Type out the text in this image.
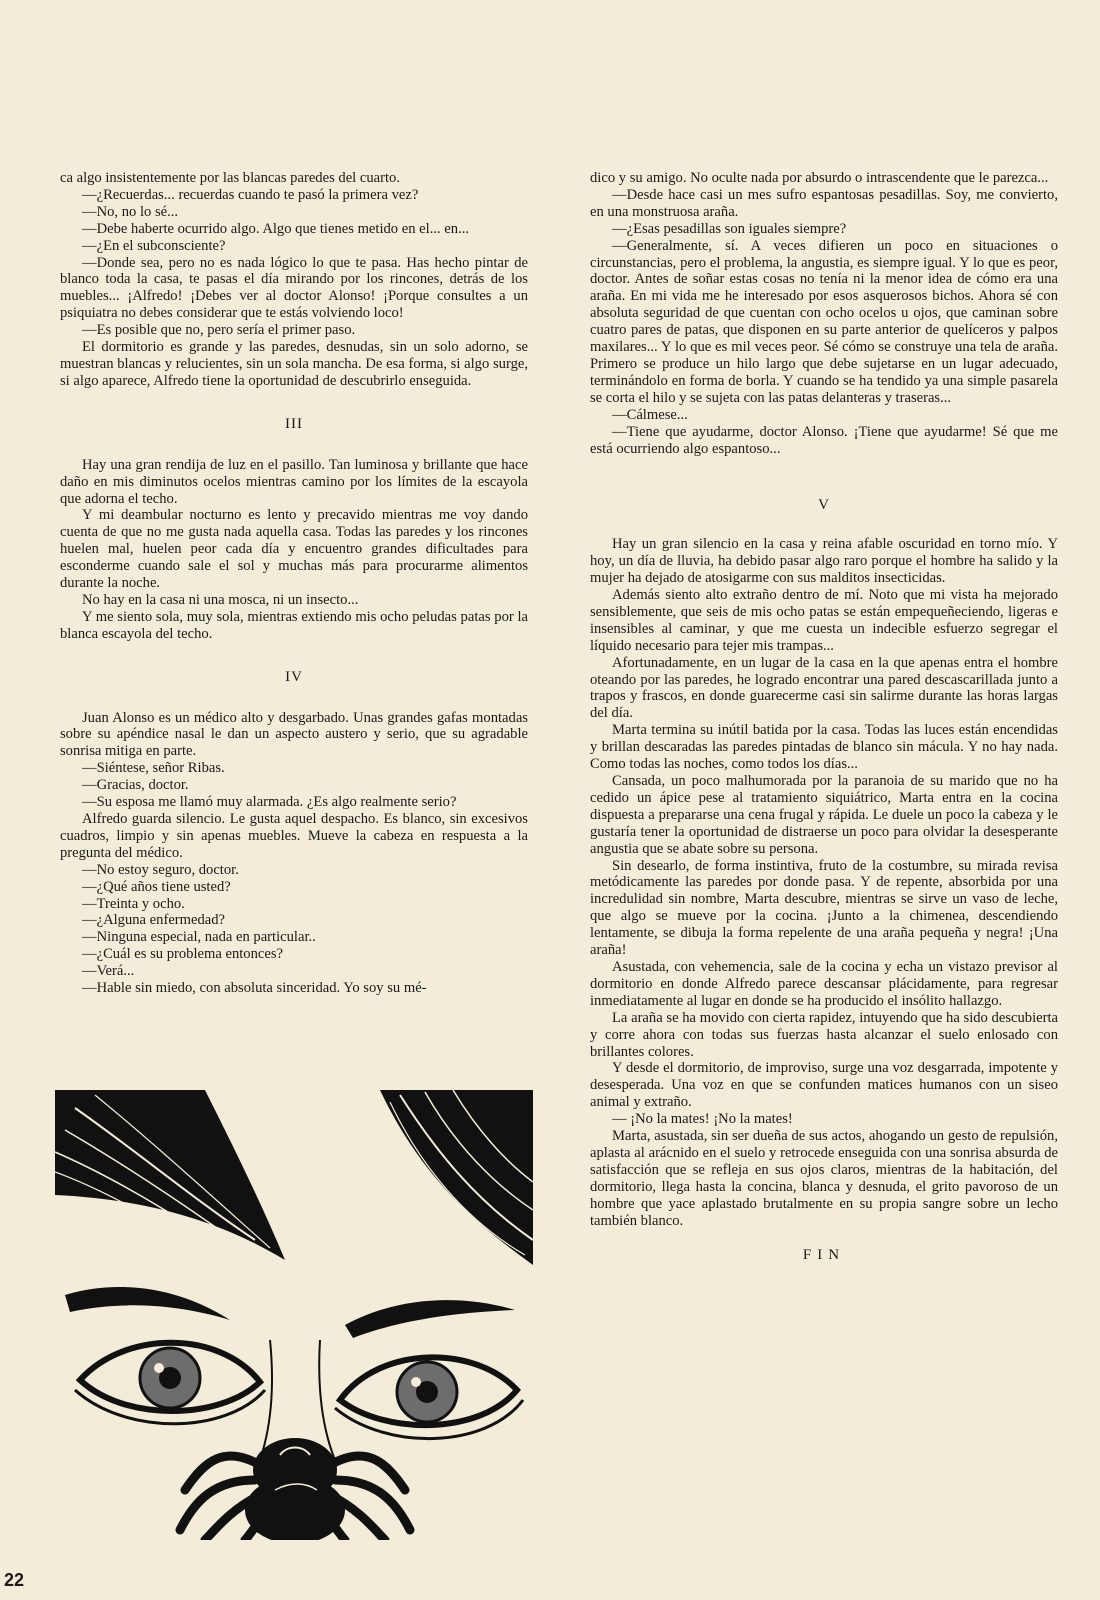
ca algo insistentemente por las blancas paredes del cuarto.

—¿Recuerdas... recuerdas cuando te pasó la primera vez?

—No, no lo sé...

—Debe haberte ocurrido algo. Algo que tienes metido en el... en...

—¿En el subconsciente?

—Donde sea, pero no es nada lógico lo que te pasa. Has hecho pintar de blanco toda la casa, te pasas el día mirando por los rincones, detrás de los muebles... ¡Alfredo! ¡Debes ver al doctor Alonso! ¡Porque consultes a un psiquiatra no debes considerar que te estás volviendo loco!

—Es posible que no, pero sería el primer paso.

El dormitorio es grande y las paredes, desnudas, sin un solo adorno, se muestran blancas y relucientes, sin un sola mancha. De esa forma, si algo surge, si algo aparece, Alfredo tiene la oportunidad de descubrirlo enseguida.

III

Hay una gran rendija de luz en el pasillo. Tan luminosa y brillante que hace daño en mis diminutos ocelos mientras camino por los límites de la escayola que adorna el techo.

Y mi deambular nocturno es lento y precavido mientras me voy dando cuenta de que no me gusta nada aquella casa. Todas las paredes y los rincones huelen mal, huelen peor cada día y encuentro grandes dificultades para esconderme cuando sale el sol y muchas más para procurarme alimentos durante la noche.

No hay en la casa ni una mosca, ni un insecto...

Y me siento sola, muy sola, mientras extiendo mis ocho peludas patas por la blanca escayola del techo.

IV

Juan Alonso es un médico alto y desgarbado. Unas grandes gafas montadas sobre su apéndice nasal le dan un aspecto austero y serio, que su agradable sonrisa mitiga en parte.

—Siéntese, señor Ribas.

—Gracias, doctor.

—Su esposa me llamó muy alarmada. ¿Es algo realmente serio?

Alfredo guarda silencio. Le gusta aquel despacho. Es blanco, sin excesivos cuadros, limpio y sin apenas muebles. Mueve la cabeza en respuesta a la pregunta del médico.

—No estoy seguro, doctor.

—¿Qué años tiene usted?

—Treinta y ocho.

—¿Alguna enfermedad?

—Ninguna especial, nada en particular..

—¿Cuál es su problema entonces?

—Verá...

—Hable sin miedo, con absoluta sinceridad. Yo soy su mé-

dico y su amigo. No oculte nada por absurdo o intrascendente que le parezca...

—Desde hace casi un mes sufro espantosas pesadillas. Soy, me convierto, en una monstruosa araña.

—¿Esas pesadillas son iguales siempre?

—Generalmente, sí. A veces difieren un poco en situaciones o circunstancias, pero el problema, la angustia, es siempre igual. Y lo que es peor, doctor. Antes de soñar estas cosas no tenía ni la menor idea de cómo era una araña. En mi vida me he interesado por esos asquerosos bichos. Ahora sé con absoluta seguridad de que cuentan con ocho ocelos u ojos, que caminan sobre cuatro pares de patas, que disponen en su parte anterior de quelíceros y palpos maxilares... Y lo que es mil veces peor. Sé cómo se construye una tela de araña. Primero se produce un hilo largo que debe sujetarse en un lugar adecuado, terminándolo en forma de borla. Y cuando se ha tendido ya una simple pasarela se corta el hilo y se sujeta con las patas delanteras y traseras...

—Cálmese...

—Tiene que ayudarme, doctor Alonso. ¡Tiene que ayudarme! Sé que me está ocurriendo algo espantoso...

V

Hay un gran silencio en la casa y reina afable oscuridad en torno mío. Y hoy, un día de lluvia, ha debido pasar algo raro porque el hombre ha salido y la mujer ha dejado de atosigarme con sus malditos insecticidas.

Además siento alto extraño dentro de mí. Noto que mi vista ha mejorado sensiblemente, que seis de mis ocho patas se están empequeñeciendo, ligeras e insensibles al caminar, y que me cuesta un indecible esfuerzo segregar el líquido necesario para tejer mis trampas...

Afortunadamente, en un lugar de la casa en la que apenas entra el hombre oteando por las paredes, he logrado encontrar una pared descascarillada junto a trapos y frascos, en donde guarecerme casi sin salirme durante las horas largas del día.

Marta termina su inútil batida por la casa. Todas las luces están encendidas y brillan descaradas las paredes pintadas de blanco sin mácula. Y no hay nada. Como todas las noches, como todos los días...

Cansada, un poco malhumorada por la paranoia de su marido que no ha cedido un ápice pese al tratamiento siquiátrico, Marta entra en la cocina dispuesta a prepararse una cena frugal y rápida. Le duele un poco la cabeza y le gustaría tener la oportunidad de distraerse un poco para olvidar la desesperante angustia que se abate sobre su persona.

Sin desearlo, de forma instintiva, fruto de la costumbre, su mirada revisa metódicamente las paredes por donde pasa. Y de repente, absorbida por una incredulidad sin nombre, Marta descubre, mientras se sirve un vaso de leche, que algo se mueve por la cocina. ¡Junto a la chimenea, descendiendo lentamente, se dibuja la forma repelente de una araña pequeña y negra! ¡Una araña!

Asustada, con vehemencia, sale de la cocina y echa un vistazo previsor al dormitorio en donde Alfredo parece descansar plácidamente, para regresar inmediatamente al lugar en donde se ha producido el insólito hallazgo.

La araña se ha movido con cierta rapidez, intuyendo que ha sido descubierta y corre ahora con todas sus fuerzas hasta alcanzar el suelo enlosado con brillantes colores.

Y desde el dormitorio, de improviso, surge una voz desgarrada, impotente y desesperada. Una voz en que se confunden matices humanos con un siseo animal y extraño.

— ¡No la mates! ¡No la mates!

Marta, asustada, sin ser dueña de sus actos, ahogando un gesto de repulsión, aplasta al arácnido en el suelo y retrocede enseguida con una sonrisa absurda de satisfacción que se refleja en sus ojos claros, mientras de la habitación, del dormitorio, llega hasta la concina, blanca y desnuda, el grito pavoroso de un hombre que yace aplastado brutalmente en su propia sangre sobre un lecho también blanco.

FIN
22
